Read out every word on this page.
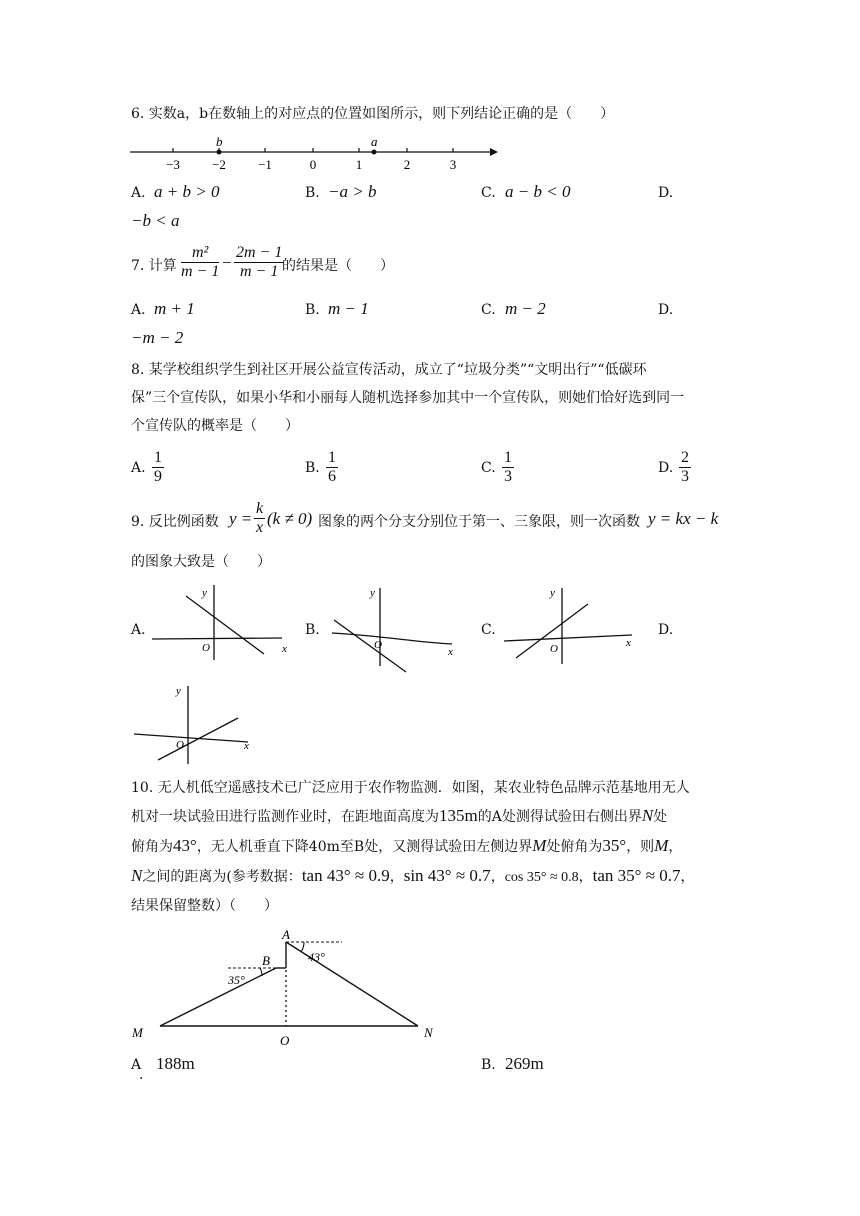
6. 实数a，b在数轴上的对应点的位置如图所示，则下列结论正确的是（　　）
b	a
−3 −2 −1	0	1	2	3
A. a + b > 0	B. −a > b	C. a − b < 0	D.
−b < a
7. 计算 $\frac{\text{m²}}{m - 1} - \frac{2m - 1}{m - 1}$
的结果是（　　）
A. m + 1	B. m − 1	C. m − 2	D.
−m − 2
8. 某学校组织学生到社区开展公益宣传活动，成立了“垃圾分类”“文明出行”“低碳环
保”三个宣传队，如果小华和小丽每人随机选择参加其中一个宣传队，则她们恰好选到同一
个宣传队的概率是（　　）
A. $\frac{1}{9}$	B. $\frac{1}{6}$	C. $\frac{1}{3}$	D. $\frac{2}{3}$
9. 反比例函数 $y = \frac{k}{x} (k \ne 0)$ 图象的两个分支分别位于第一、三象限，则一次函数 y = kx − k
的图象大致是（　　）
A.
y
O	x
B.
y
O
x
C.
y
O	x
D.
y
O	x
10. 无人机低空遥感技术已广泛应用于农作物监测．如图，某农业特色品牌示范基地用无人
机对一块试验田进行监测作业时，在距地面高度为135m的A处测得试验田右侧出界N处
俯角为43°，无人机垂直下降40m至B处，又测得试验田左侧边界M处俯角为35°，则M，
N之间的距离为(参考数据：tan 43° ≈ 0.9，sin 43° ≈ 0.7，cos 35° ≈ 0.8，tan 35° ≈ 0.7，
结果保留整数）（　　）
A
B	43°
35°
M
O
N
A
.
188m	B. 269m
